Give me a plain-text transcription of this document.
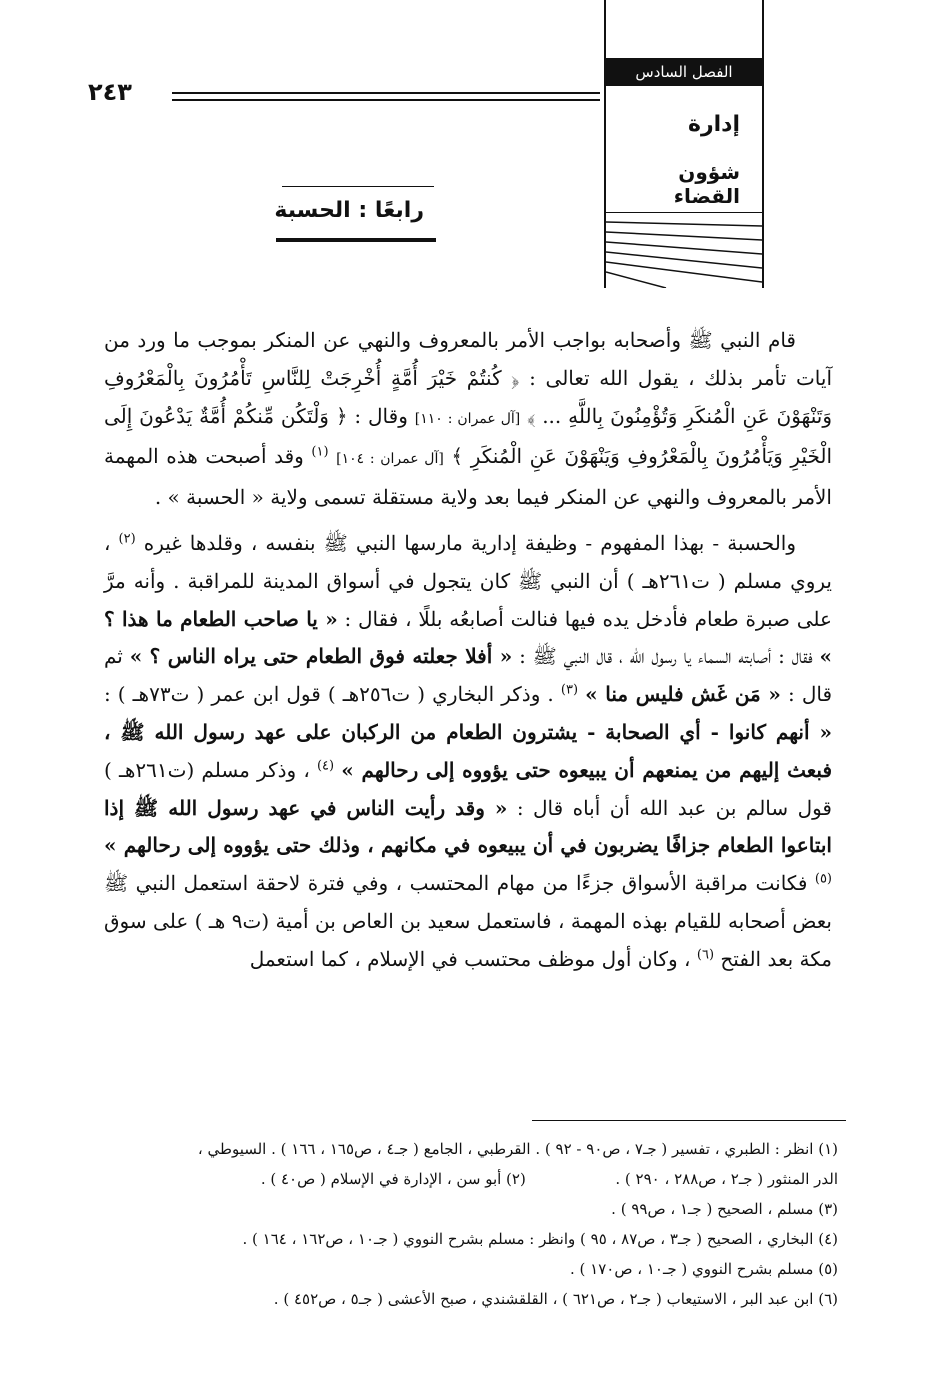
٢٤٣
الفصل السادس
إدارة
شؤون القضاء
رابعًا : الحسبة

قام النبي ﷺ وأصحابه بواجب الأمر بالمعروف والنهي عن المنكر بموجب ما ورد من آيات تأمر بذلك ، يقول الله تعالى : ﴿ كُنتُمْ خَيْرَ أُمَّةٍ أُخْرِجَتْ لِلنَّاسِ تَأْمُرُونَ بِالْمَعْرُوفِ وَتَنْهَوْنَ عَنِ الْمُنكَرِ وَتُؤْمِنُونَ بِاللَّهِ ... ﴾ [آل عمران : ١١٠] وقال : ﴿ وَلْتَكُن مِّنكُمْ أُمَّةٌ يَدْعُونَ إِلَى الْخَيْرِ وَيَأْمُرُونَ بِالْمَعْرُوفِ وَيَنْهَوْنَ عَنِ الْمُنكَرِ ﴾ [آل عمران : ١٠٤] $^{(١)}$ وقد أصبحت هذه المهمة الأمر بالمعروف والنهي عن المنكر فيما بعد ولاية مستقلة تسمى ولاية « الحسبة » .

والحسبة - بهذا المفهوم - وظيفة إدارية مارسها النبي ﷺ بنفسه ، وقلدها غيره $^{(٢)}$ ، يروي مسلم ( ت٢٦١هـ ) أن النبي ﷺ كان يتجول في أسواق المدينة للمراقبة . وأنه مرَّ على صبرة طعام فأدخل يده فيها فنالت أصابعُه بللًا ، فقال : « يا صاحب الطعام ما هذا ؟ » فقال : أصابته السماء يا رسول الله ، قال النبي ﷺ : « أفلا جعلته فوق الطعام حتى يراه الناس ؟ » ثم قال : « مَن غَش فليس منا » $^{(٣)}$ . وذكر البخاري ( ت٢٥٦هـ ) قول ابن عمر ( ت٧٣هـ ) : « أنهم كانوا - أي الصحابة - يشترون الطعام من الركبان على عهد رسول الله ﷺ ، فبعث إليهم من يمنعهم أن يبيعوه حتى يؤووه إلى رحالهم » $^{(٤)}$ ، وذكر مسلم (ت٢٦١هـ ) قول سالم بن عبد الله أن أباه قال : « وقد رأيت الناس في عهد رسول الله ﷺ إذا ابتاعوا الطعام جزافًا يضربون في أن يبيعوه في مكانهم ، وذلك حتى يؤووه إلى رحالهم » $^{(٥)}$ فكانت مراقبة الأسواق جزءًا من مهام المحتسب ، وفي فترة لاحقة استعمل النبي ﷺ بعض أصحابه للقيام بهذه المهمة ، فاستعمل سعيد بن العاص بن أمية (ت٩ هـ ) على سوق مكة بعد الفتح $^{(٦)}$ ، وكان أول موظف محتسب في الإسلام ، كما استعمل

(١) انظر : الطبري ، تفسير ( جـ٧ ، ص٩٠ - ٩٢ ) . القرطبي ، الجامع ( جـ٤ ، ص١٦٥ ، ١٦٦ ) . السيوطي ،
الدر المنثور ( جـ٢ ، ص٢٨٨ ، ٢٩٠ ) .  (٢) أبو سن ، الإدارة في الإسلام ( ص٤٠ ) .
(٣) مسلم ، الصحيح ( جـ١ ، ص٩٩ ) .
(٤) البخاري ، الصحيح ( جـ٣ ، ص٨٧ ، ٩٥ ) وانظر : مسلم بشرح النووي ( جـ١٠ ، ص١٦٢ ، ١٦٤ ) .
(٥) مسلم بشرح النووي ( جـ١٠ ، ص١٧٠ ) .
(٦) ابن عبد البر ، الاستيعاب ( جـ٢ ، ص٦٢١ ) ، القلقشندي ، صبح الأعشى ( جـ٥ ، ص٤٥٢ ) .
